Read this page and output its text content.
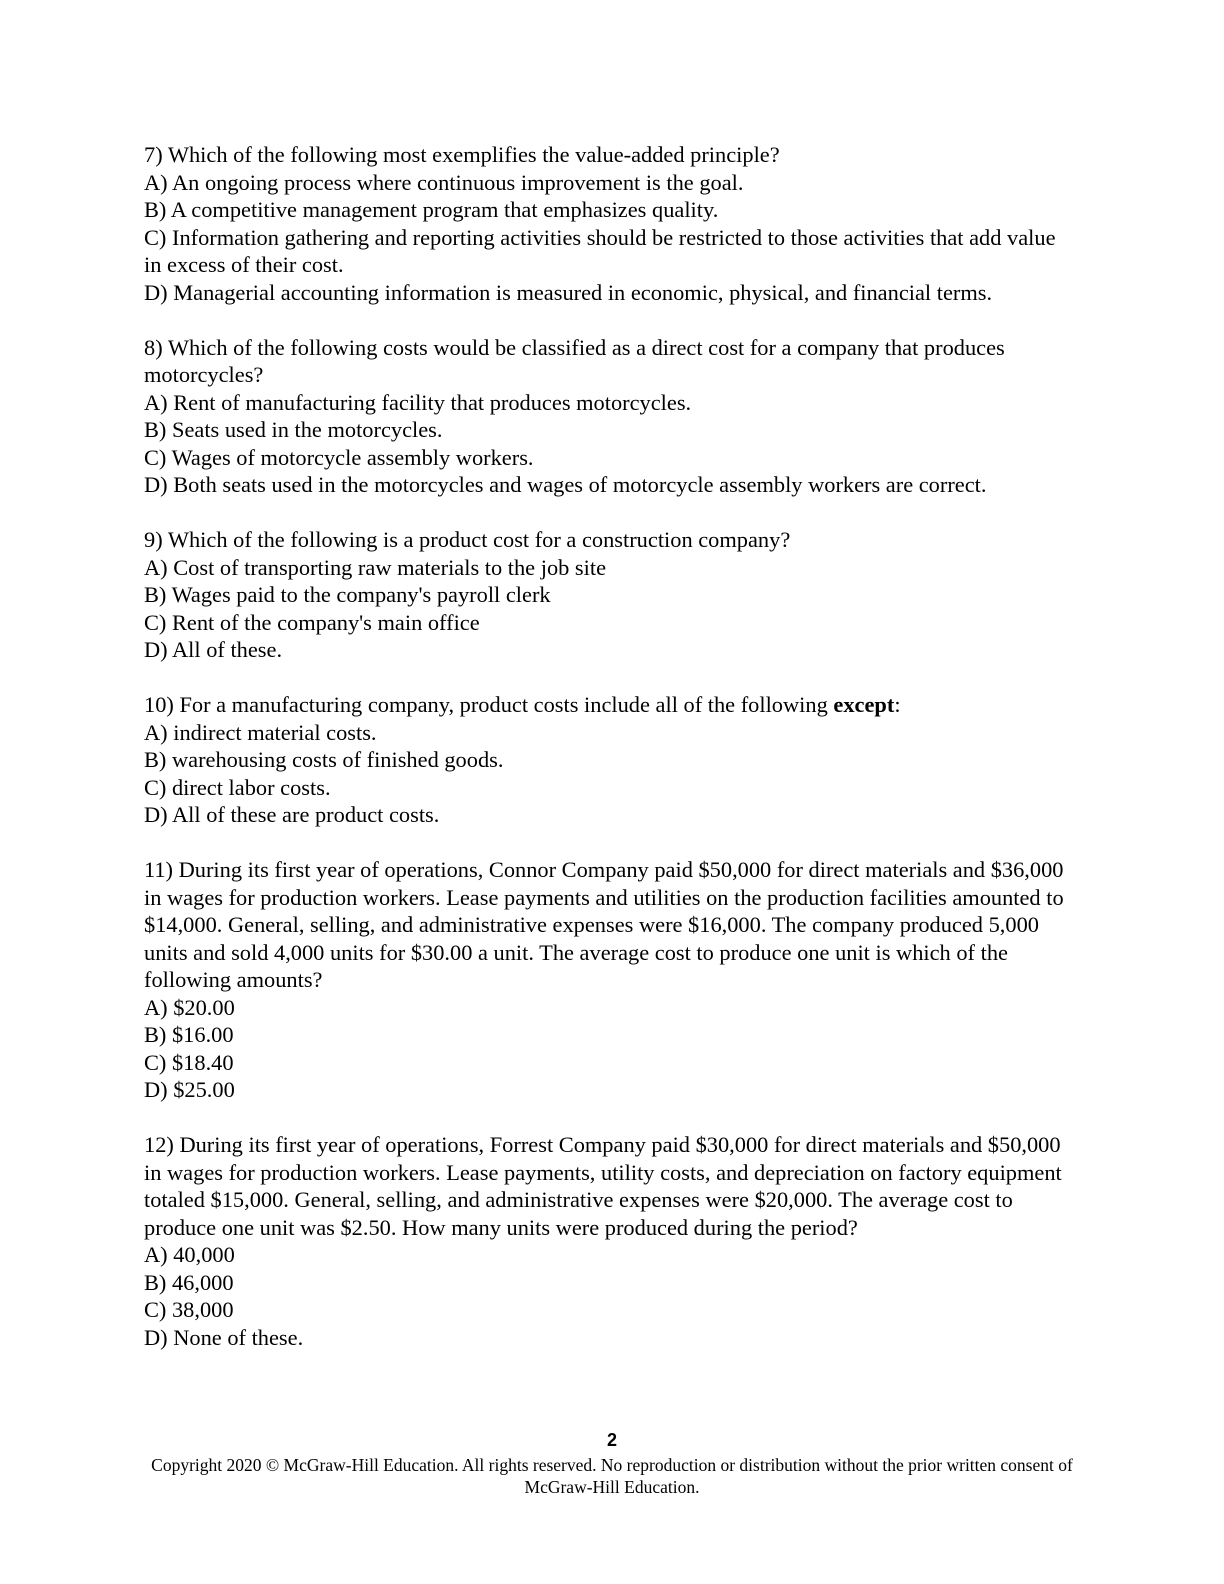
7) Which of the following most exemplifies the value-added principle?

A) An ongoing process where continuous improvement is the goal.

B) A competitive management program that emphasizes quality.

C) Information gathering and reporting activities should be restricted to those activities that add value in excess of their cost.

D) Managerial accounting information is measured in economic, physical, and financial terms.

8) Which of the following costs would be classified as a direct cost for a company that produces motorcycles?

A) Rent of manufacturing facility that produces motorcycles.

B) Seats used in the motorcycles.

C) Wages of motorcycle assembly workers.

D) Both seats used in the motorcycles and wages of motorcycle assembly workers are correct.

9) Which of the following is a product cost for a construction company?

A) Cost of transporting raw materials to the job site

B) Wages paid to the company's payroll clerk

C) Rent of the company's main office

D) All of these.

10) For a manufacturing company, product costs include all of the following except:

A) indirect material costs.

B) warehousing costs of finished goods.

C) direct labor costs.

D) All of these are product costs.

11) During its first year of operations, Connor Company paid $50,000 for direct materials and $36,000 in wages for production workers. Lease payments and utilities on the production facilities amounted to $14,000. General, selling, and administrative expenses were $16,000. The company produced 5,000 units and sold 4,000 units for $30.00 a unit. The average cost to produce one unit is which of the following amounts?

A) $20.00

B) $16.00

C) $18.40

D) $25.00

12) During its first year of operations, Forrest Company paid $30,000 for direct materials and $50,000 in wages for production workers. Lease payments, utility costs, and depreciation on factory equipment totaled $15,000. General, selling, and administrative expenses were $20,000. The average cost to produce one unit was $2.50. How many units were produced during the period?

A) 40,000

B) 46,000

C) 38,000

D) None of these.

2

Copyright 2020 © McGraw-Hill Education. All rights reserved. No reproduction or distribution without the prior written consent of McGraw-Hill Education.
